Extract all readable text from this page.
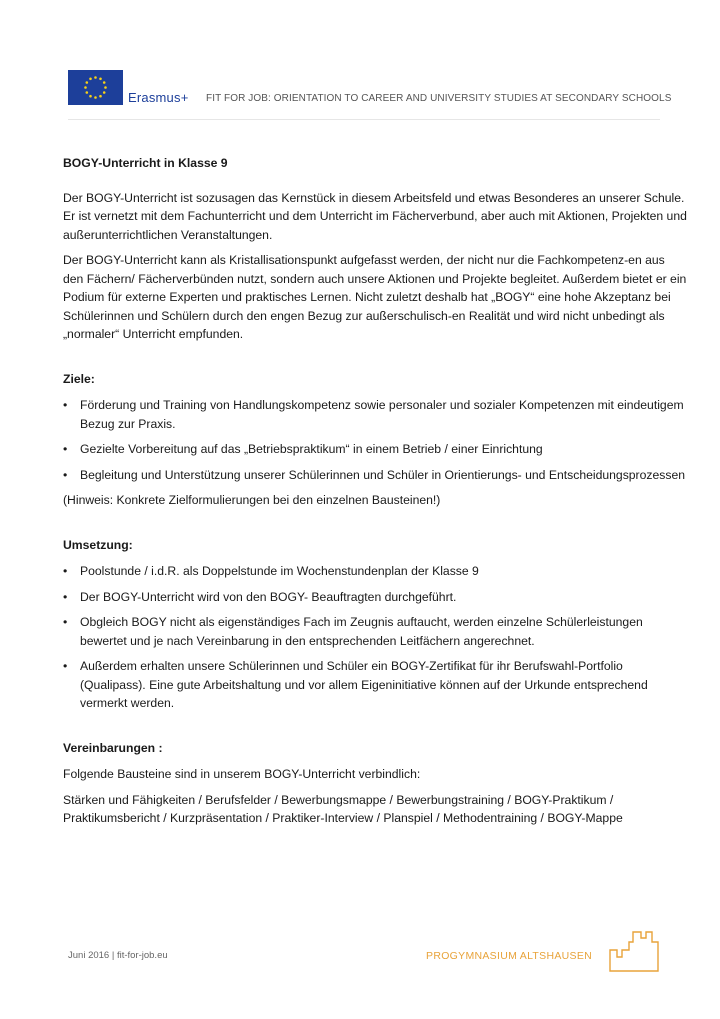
Erasmus+ FIT FOR JOB: ORIENTATION TO CAREER AND UNIVERSITY STUDIES AT SECONDARY SCHOOLS

BOGY-Unterricht in Klasse 9

Der BOGY-Unterricht ist sozusagen das Kernstück in diesem Arbeitsfeld und etwas Besonderes an unserer Schule. Er ist vernetzt mit dem Fachunterricht und dem Unterricht im Fächerverbund, aber auch mit Aktionen, Projekten und außerunterrichtlichen Veranstaltungen.

Der BOGY-Unterricht kann als Kristallisationspunkt aufgefasst werden, der nicht nur die Fachkompetenz-en aus den Fächern/ Fächerverbünden nutzt, sondern auch unsere Aktionen und Projekte begleitet. Außerdem bietet er ein Podium für externe Experten und praktisches Lernen. Nicht zuletzt deshalb hat „BOGY“ eine hohe Akzeptanz bei Schülerinnen und Schülern durch den engen Bezug zur außerschulisch-en Realität und wird nicht unbedingt als „normaler“ Unterricht empfunden.

Ziele:

• Förderung und Training von Handlungskompetenz sowie personaler und sozialer Kompetenzen mit eindeutigem Bezug zur Praxis.
• Gezielte Vorbereitung auf das „Betriebspraktikum“ in einem Betrieb / einer Einrichtung
• Begleitung und Unterstützung unserer Schülerinnen und Schüler in Orientierungs- und Entscheidungsprozessen

(Hinweis: Konkrete Zielformulierungen bei den einzelnen Bausteinen!)

Umsetzung:

• Poolstunde / i.d.R. als Doppelstunde im Wochenstundenplan der Klasse 9
• Der BOGY-Unterricht wird von den BOGY- Beauftragten durchgeführt.
• Obgleich BOGY nicht als eigenständiges Fach im Zeugnis auftaucht, werden einzelne Schülerleistungen bewertet und je nach Vereinbarung in den entsprechenden Leitfächern angerechnet.
• Außerdem erhalten unsere Schülerinnen und Schüler ein BOGY-Zertifikat für ihr Berufswahl-Portfolio (Qualipass). Eine gute Arbeitshaltung und vor allem Eigeninitiative können auf der Urkunde entsprechend vermerkt werden.

Vereinbarungen :

Folgende Bausteine sind in unserem BOGY-Unterricht verbindlich:

Stärken und Fähigkeiten / Berufsfelder / Bewerbungsmappe / Bewerbungstraining / BOGY-Praktikum / Praktikumsbericht / Kurzpräsentation / Praktiker-Interview / Planspiel / Methodentraining / BOGY-Mappe

Juni 2016 | fit-for-job.eu	PROGYMNASIUM ALTSHAUSEN
